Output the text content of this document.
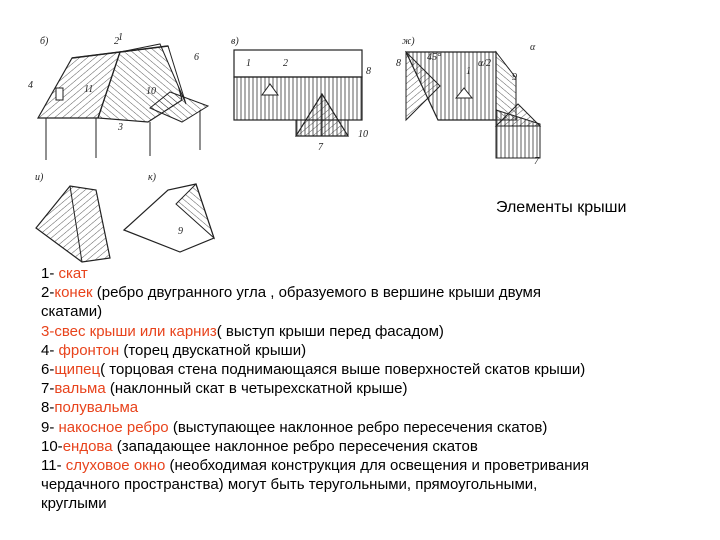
б)	1
2
3
4
6
10
11
в)
1	2
8
7
10
ж)
45°
α/2
α
1
8
9
7
и)	к)
9
Элементы крыши
1- скат
2-конек (ребро двугранного угла , образуемого в вершине крыши двумя
скатами)
3-свес крыши или карниз( выступ крыши перед фасадом)
4- фронтон (торец двускатной крыши)
6-щипец( торцовая стена поднимающаяся выше поверхностей скатов крыши)
7-вальма (наклонный скат в четырехскатной крыше)
8-полувальма
9- накосное ребро (выступающее наклонное ребро пересечения скатов)
10-ендова (западающее наклонное ребро пересечения скатов
11- слуховое окно (необходимая конструкция для освещения и проветривания
чердачного пространства) могут быть теругольными, прямоугольными,
круглыми
